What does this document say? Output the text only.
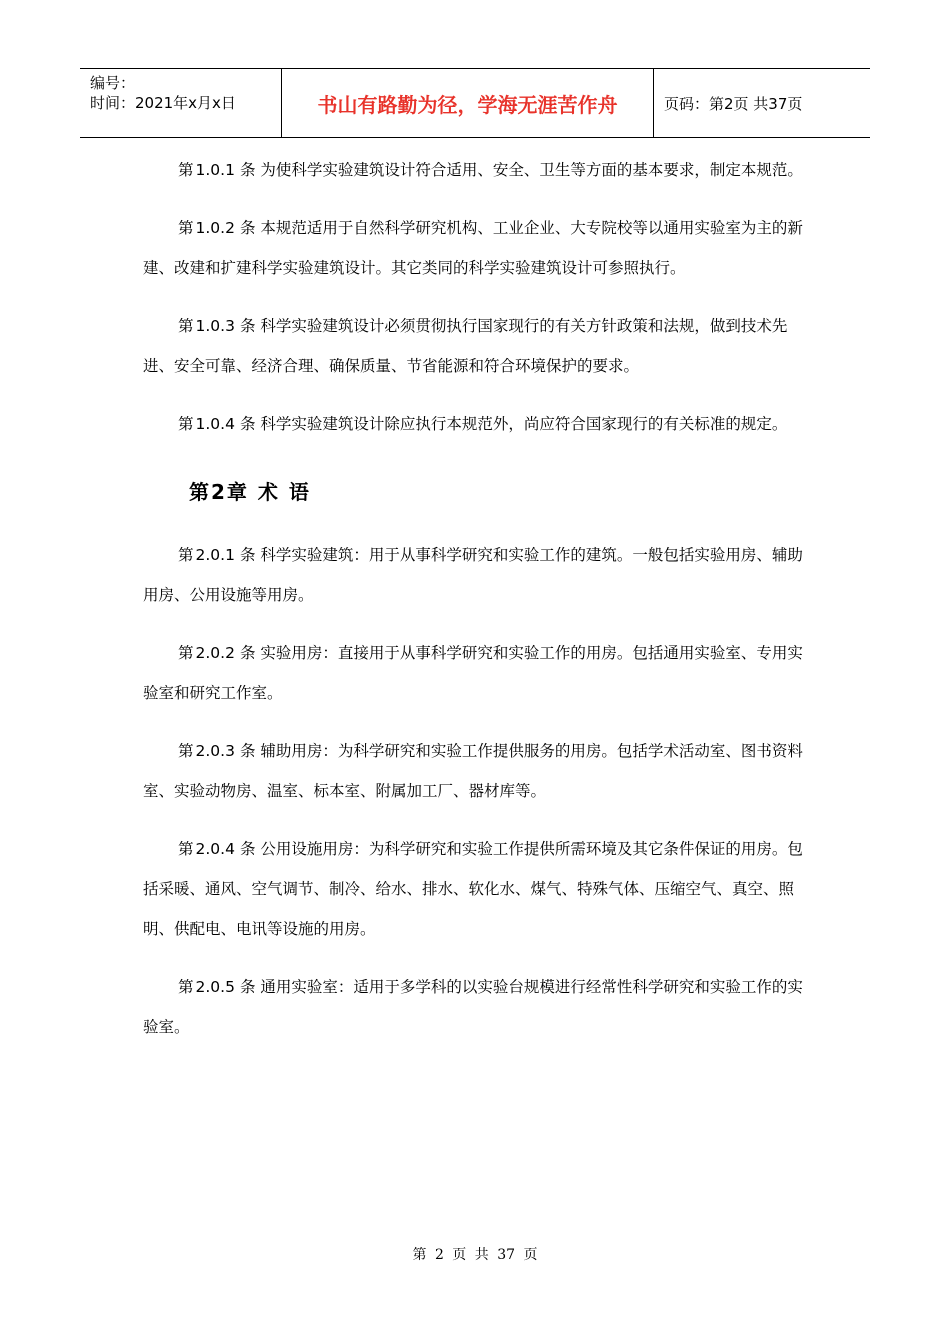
编号：
时间：2021年x月x日	书山有路勤为径，学海无涯苦作舟	页码：第2页 共37页

第 1.0.1 条 为使科学实验建筑设计符合适用、安全、卫生等方面的基本要求，制定本规范。

第 1.0.2 条 本规范适用于自然科学研究机构、工业企业、大专院校等以通用实验室为主的新建、改建和扩建科学实验建筑设计。其它类同的科学实验建筑设计可参照执行。

第 1.0.3 条 科学实验建筑设计必须贯彻执行国家现行的有关方针政策和法规，做到技术先进、安全可靠、经济合理、确保质量、节省能源和符合环境保护的要求。

第 1.0.4 条 科学实验建筑设计除应执行本规范外，尚应符合国家现行的有关标准的规定。

第2章 术 语

第 2.0.1 条 科学实验建筑：用于从事科学研究和实验工作的建筑。一般包括实验用房、辅助用房、公用设施等用房。

第 2.0.2 条 实验用房：直接用于从事科学研究和实验工作的用房。包括通用实验室、专用实验室和研究工作室。

第 2.0.3 条 辅助用房：为科学研究和实验工作提供服务的用房。包括学术活动室、图书资料室、实验动物房、温室、标本室、附属加工厂、器材库等。

第 2.0.4 条 公用设施用房：为科学研究和实验工作提供所需环境及其它条件保证的用房。包括采暖、通风、空气调节、制冷、给水、排水、软化水、煤气、特殊气体、压缩空气、真空、照明、供配电、电讯等设施的用房。

第 2.0.5 条 通用实验室：适用于多学科的以实验台规模进行经常性科学研究和实验工作的实验室。

第 2 页 共 37 页
